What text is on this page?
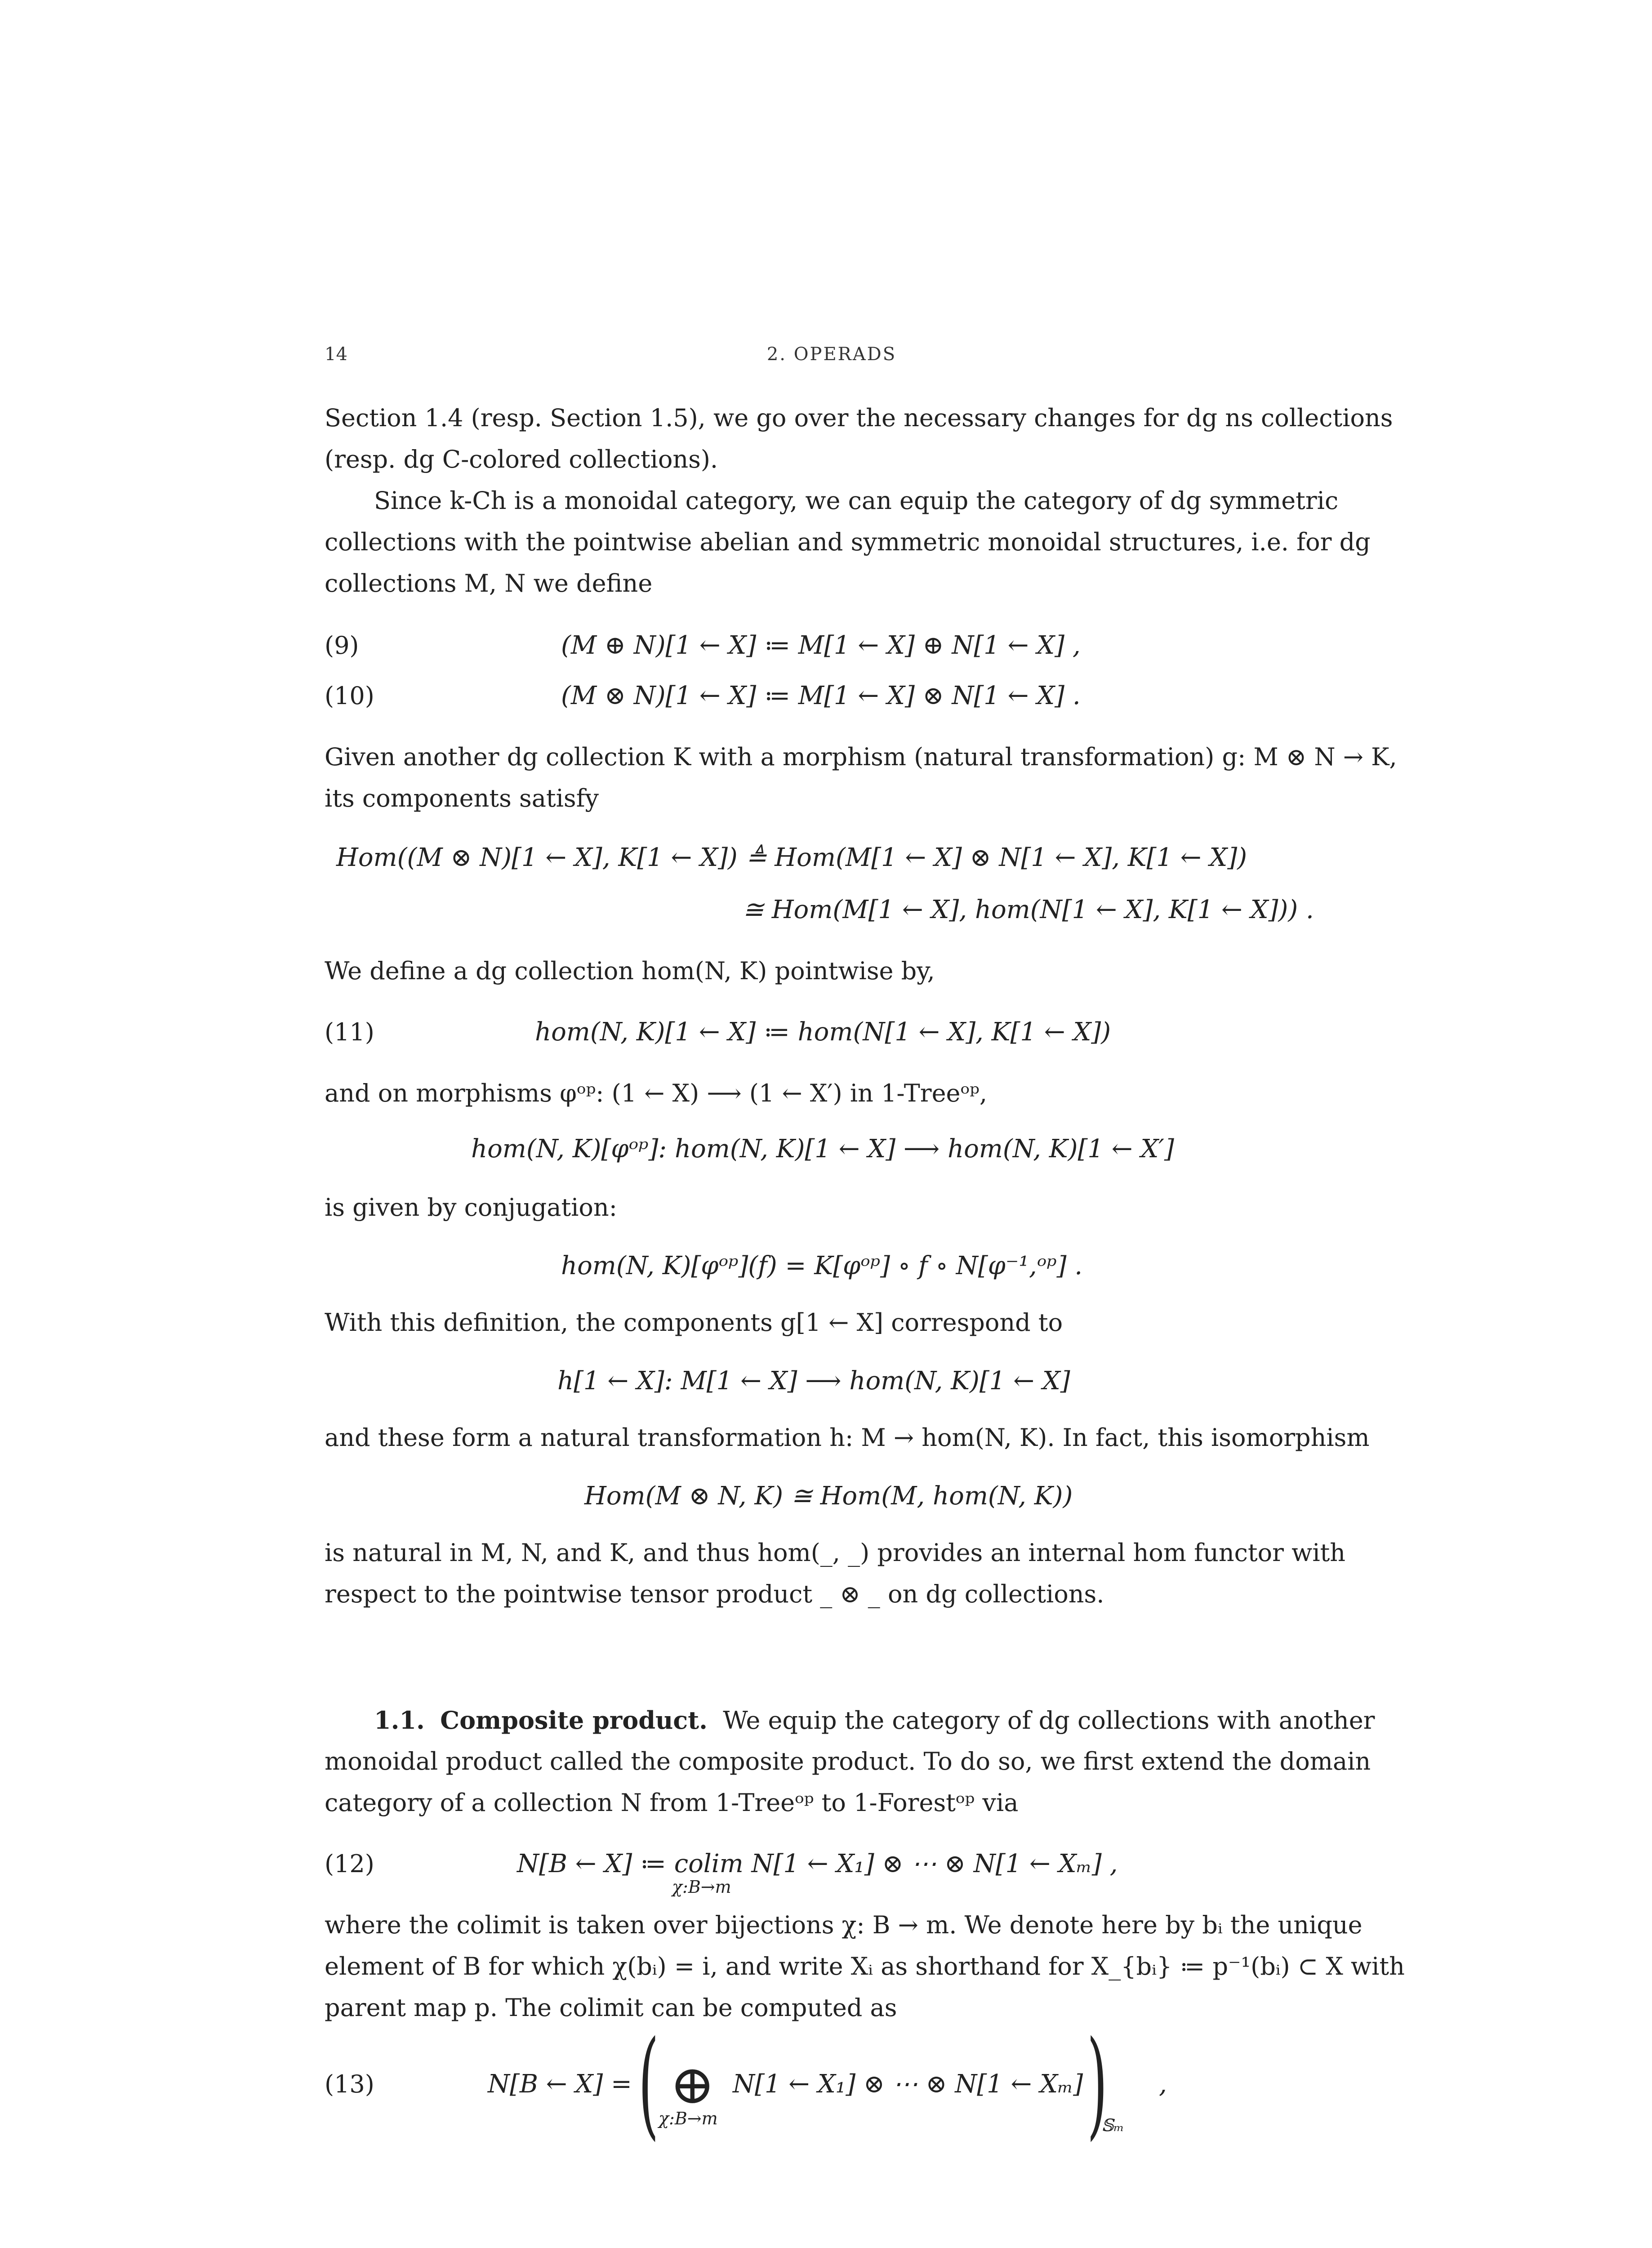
14	2. OPERADS
Section 1.4 (resp. Section 1.5), we go over the necessary changes for dg ns collections
(resp. dg C-colored collections).
Since k-Ch is a monoidal category, we can equip the category of dg symmetric
collections with the pointwise abelian and symmetric monoidal structures, i.e. for dg
collections M, N we define
(9)	(M ⊕ N)[1 ← X] ≔ M[1 ← X] ⊕ N[1 ← X] ,
(10)	(M ⊗ N)[1 ← X] ≔ M[1 ← X] ⊗ N[1 ← X] .
Given another dg collection K with a morphism (natural transformation) g: M ⊗ N → K,
its components satisfy
Hom((M ⊗ N)[1 ← X], K[1 ← X]) ≜ Hom(M[1 ← X] ⊗ N[1 ← X], K[1 ← X])
≅ Hom(M[1 ← X], hom(N[1 ← X], K[1 ← X])) .
We define a dg collection hom(N, K) pointwise by,
(11)	hom(N, K)[1 ← X] ≔ hom(N[1 ← X], K[1 ← X])
and on morphisms φᵒᵖ: (1 ← X) ⟶ (1 ← X′) in 1-Treeᵒᵖ,
hom(N, K)[φᵒᵖ]: hom(N, K)[1 ← X] ⟶ hom(N, K)[1 ← X′]
is given by conjugation:
hom(N, K)[φᵒᵖ](f) = K[φᵒᵖ] ∘ f ∘ N[φ⁻¹,ᵒᵖ] .
With this definition, the components g[1 ← X] correspond to
h[1 ← X]: M[1 ← X] ⟶ hom(N, K)[1 ← X]
and these form a natural transformation h: M → hom(N, K). In fact, this isomorphism
Hom(M ⊗ N, K) ≅ Hom(M, hom(N, K))
is natural in M, N, and K, and thus hom(_, _) provides an internal hom functor with
respect to the pointwise tensor product _ ⊗ _ on dg collections.
1.1. Composite product. We equip the category of dg collections with another
monoidal product called the composite product. To do so, we first extend the domain
category of a collection N from 1-Treeᵒᵖ to 1-Forestᵒᵖ via
(12)	N[B ← X] ≔ colim N[1 ← X₁] ⊗ ⋯ ⊗ N[1 ← Xₘ] ,
χ:B→m
where the colimit is taken over bijections χ: B → m. We denote here by bᵢ the unique
element of B for which χ(bᵢ) = i, and write Xᵢ as shorthand for X_{bᵢ} ≔ p⁻¹(bᵢ) ⊂ X with
parent map p. The colimit can be computed as
(13)	N[B ← X] = ( ⊕
χ:B→m
N[1 ← X₁] ⊗ ⋯ ⊗ N[1 ← Xₘ] )
𝕊ₘ
,
